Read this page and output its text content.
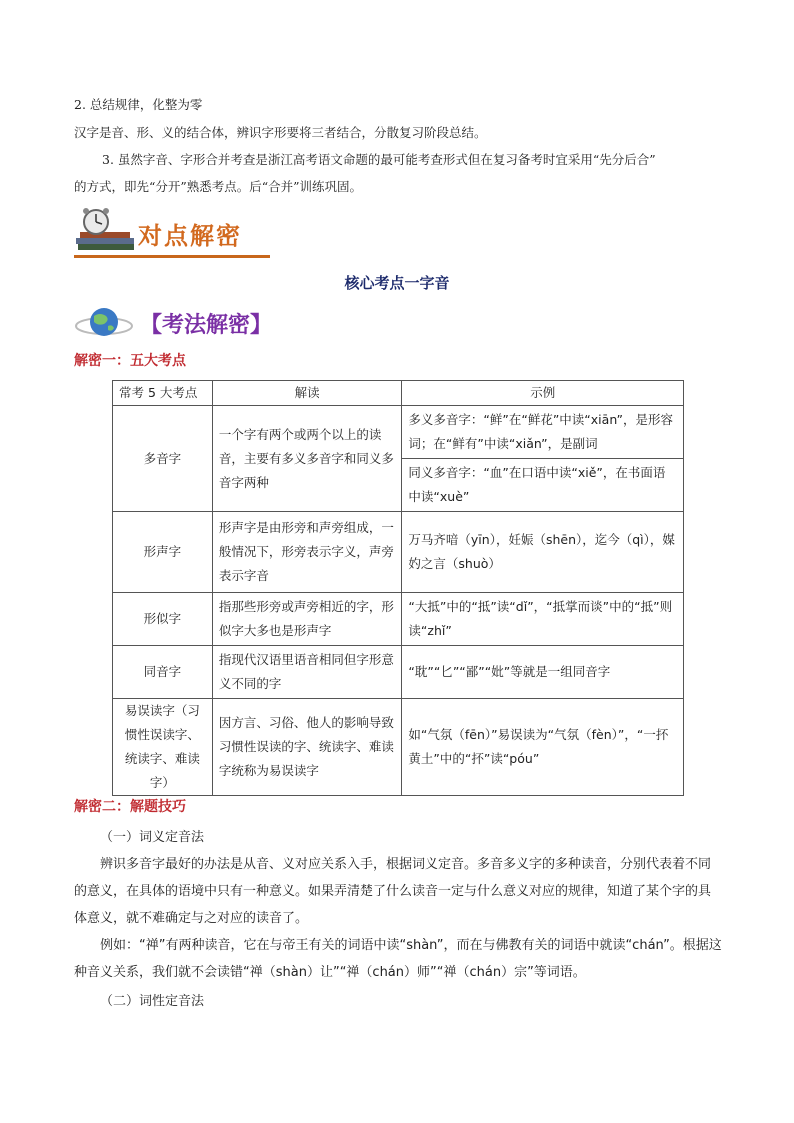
2. 总结规律，化整为零
汉字是音、形、义的结合体，辨识字形要将三者结合，分散复习阶段总结。
3. 虽然字音、字形合并考查是浙江高考语文命题的最可能考查形式但在复习备考时宜采用“先分后合”
的方式，即先“分开”熟悉考点。后“合并”训练巩固。
对点解密
核心考点一字音
【考法解密】
解密一：五大考点
常考 5 大考点	解读	示例
多音字	一个字有两个或两个以上的读音，主要有多义多音字和同义多音字两种	多义多音字：“鲜”在“鲜花”中读“xiān”，是形容词；在“鲜有”中读“xiǎn”，是副词
		同义多音字：“血”在口语中读“xiě”，在书面语中读“xuè”
形声字	形声字是由形旁和声旁组成，一般情况下，形旁表示字义，声旁表示字音	万马齐喑（yīn），妊娠（shēn），迄今（qì），媒妁之言（shuò）
形似字	指那些形旁或声旁相近的字，形似字大多也是形声字	“大抵”中的“抵”读“dǐ”，“抵掌而谈”中的“抵”则读“zhǐ”
同音字	指现代汉语里语音相同但字形意义不同的字	“耽”“匕”“鄙”“妣”等就是一组同音字
易误读字（习惯性误读字、统读字、难读字）	因方言、习俗、他人的影响导致习惯性误读的字、统读字、难读字统称为易误读字	如“气氛（fēn）”易误读为“气氛（fèn）”，“一抔黄土”中的“抔”读“póu”
解密二：解题技巧
（一）词义定音法
辨识多音字最好的办法是从音、义对应关系入手，根据词义定音。多音多义字的多种读音，分别代表着不同的意义，在具体的语境中只有一种意义。如果弄清楚了什么读音一定与什么意义对应的规律，知道了某个字的具体意义，就不难确定与之对应的读音了。
例如：“禅”有两种读音，它在与帝王有关的词语中读“shàn”，而在与佛教有关的词语中就读“chán”。根据这种音义关系，我们就不会读错“禅（shàn）让”“禅（chán）师”“禅（chán）宗”等词语。
（二）词性定音法
